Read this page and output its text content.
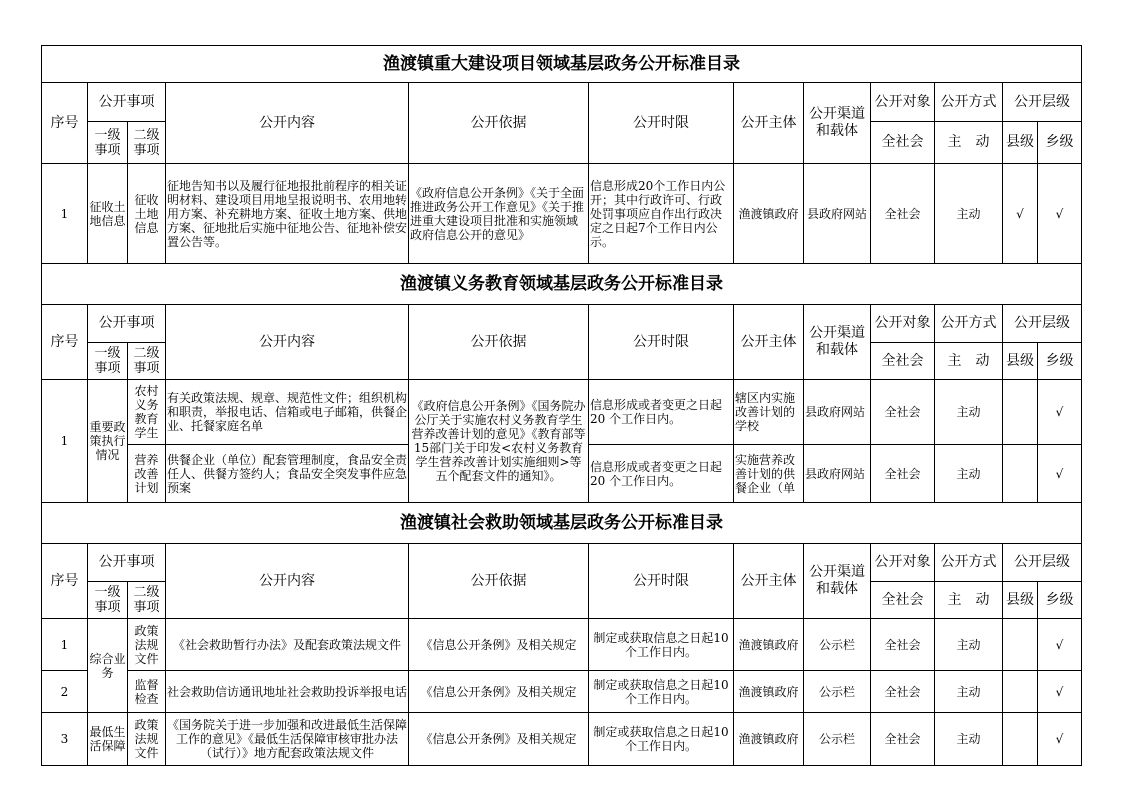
渔渡镇重大建设项目领域基层政务公开标准目录											
序号	公开事项		公开内容	公开依据	公开时限	公开主体	公开渠道和载体	公开对象	公开方式	公开层级	
	一级事项	二级事项						全社会	主　动	县级	乡级
1	征收土地信息	征收土地信息	征地告知书以及履行征地报批前程序的相关证明材料、建设项目用地呈报说明书、农用地转用方案、补充耕地方案、征收土地方案、供地方案、征地批后实施中征地公告、征地补偿安置公告等。	《政府信息公开条例》《关于全面推进政务公开工作意见》《关于推进重大建设项目批准和实施领域政府信息公开的意见》	信息形成20个工作日内公开；其中行政许可、行政处罚事项应自作出行政决定之日起7个工作日内公示。	渔渡镇政府	县政府网站	全社会	主动	√	√
渔渡镇义务教育领域基层政务公开标准目录											
序号	公开事项		公开内容	公开依据	公开时限	公开主体	公开渠道和载体	公开对象	公开方式	公开层级	
	一级事项	二级事项						全社会	主　动	县级	乡级
1	重要政策执行情况	农村义务教育学生	有关政策法规、规章、规范性文件；组织机构和职责，举报电话、信箱或电子邮箱，供餐企业、托餐家庭名单	《政府信息公开条例》《国务院办公厅关于实施农村义务教育学生营养改善计划的意见》《教育部等15部门关于印发<农村义务教育学生营养改善计划实施细则>等五个配套文件的通知》。	信息形成或者变更之日起20 个工作日内。	辖区内实施改善计划的学校	县政府网站	全社会	主动		√
		营养改善计划	供餐企业（单位）配套管理制度，食品安全责任人、供餐方签约人；食品安全突发事件应急预案		信息形成或者变更之日起20 个工作日内。	实施营养改善计划的供餐企业（单	县政府网站	全社会	主动		√
渔渡镇社会救助领域基层政务公开标准目录											
序号	公开事项		公开内容	公开依据	公开时限	公开主体	公开渠道和载体	公开对象	公开方式	公开层级	
	一级事项	二级事项						全社会	主　动	县级	乡级
1	综合业务	政策法规文件	《社会救助暂行办法》及配套政策法规文件	《信息公开条例》及相关规定	制定或获取信息之日起10个工作日内。	渔渡镇政府	公示栏	全社会	主动		√
2		监督检查	社会救助信访通讯地址社会救助投诉举报电话	《信息公开条例》及相关规定	制定或获取信息之日起10个工作日内。	渔渡镇政府	公示栏	全社会	主动		√
3	最低生活保障	政策法规文件	《国务院关于进一步加强和改进最低生活保障工作的意见》《最低生活保障审核审批办法（试行）》地方配套政策法规文件	《信息公开条例》及相关规定	制定或获取信息之日起10个工作日内。	渔渡镇政府	公示栏	全社会	主动		√
